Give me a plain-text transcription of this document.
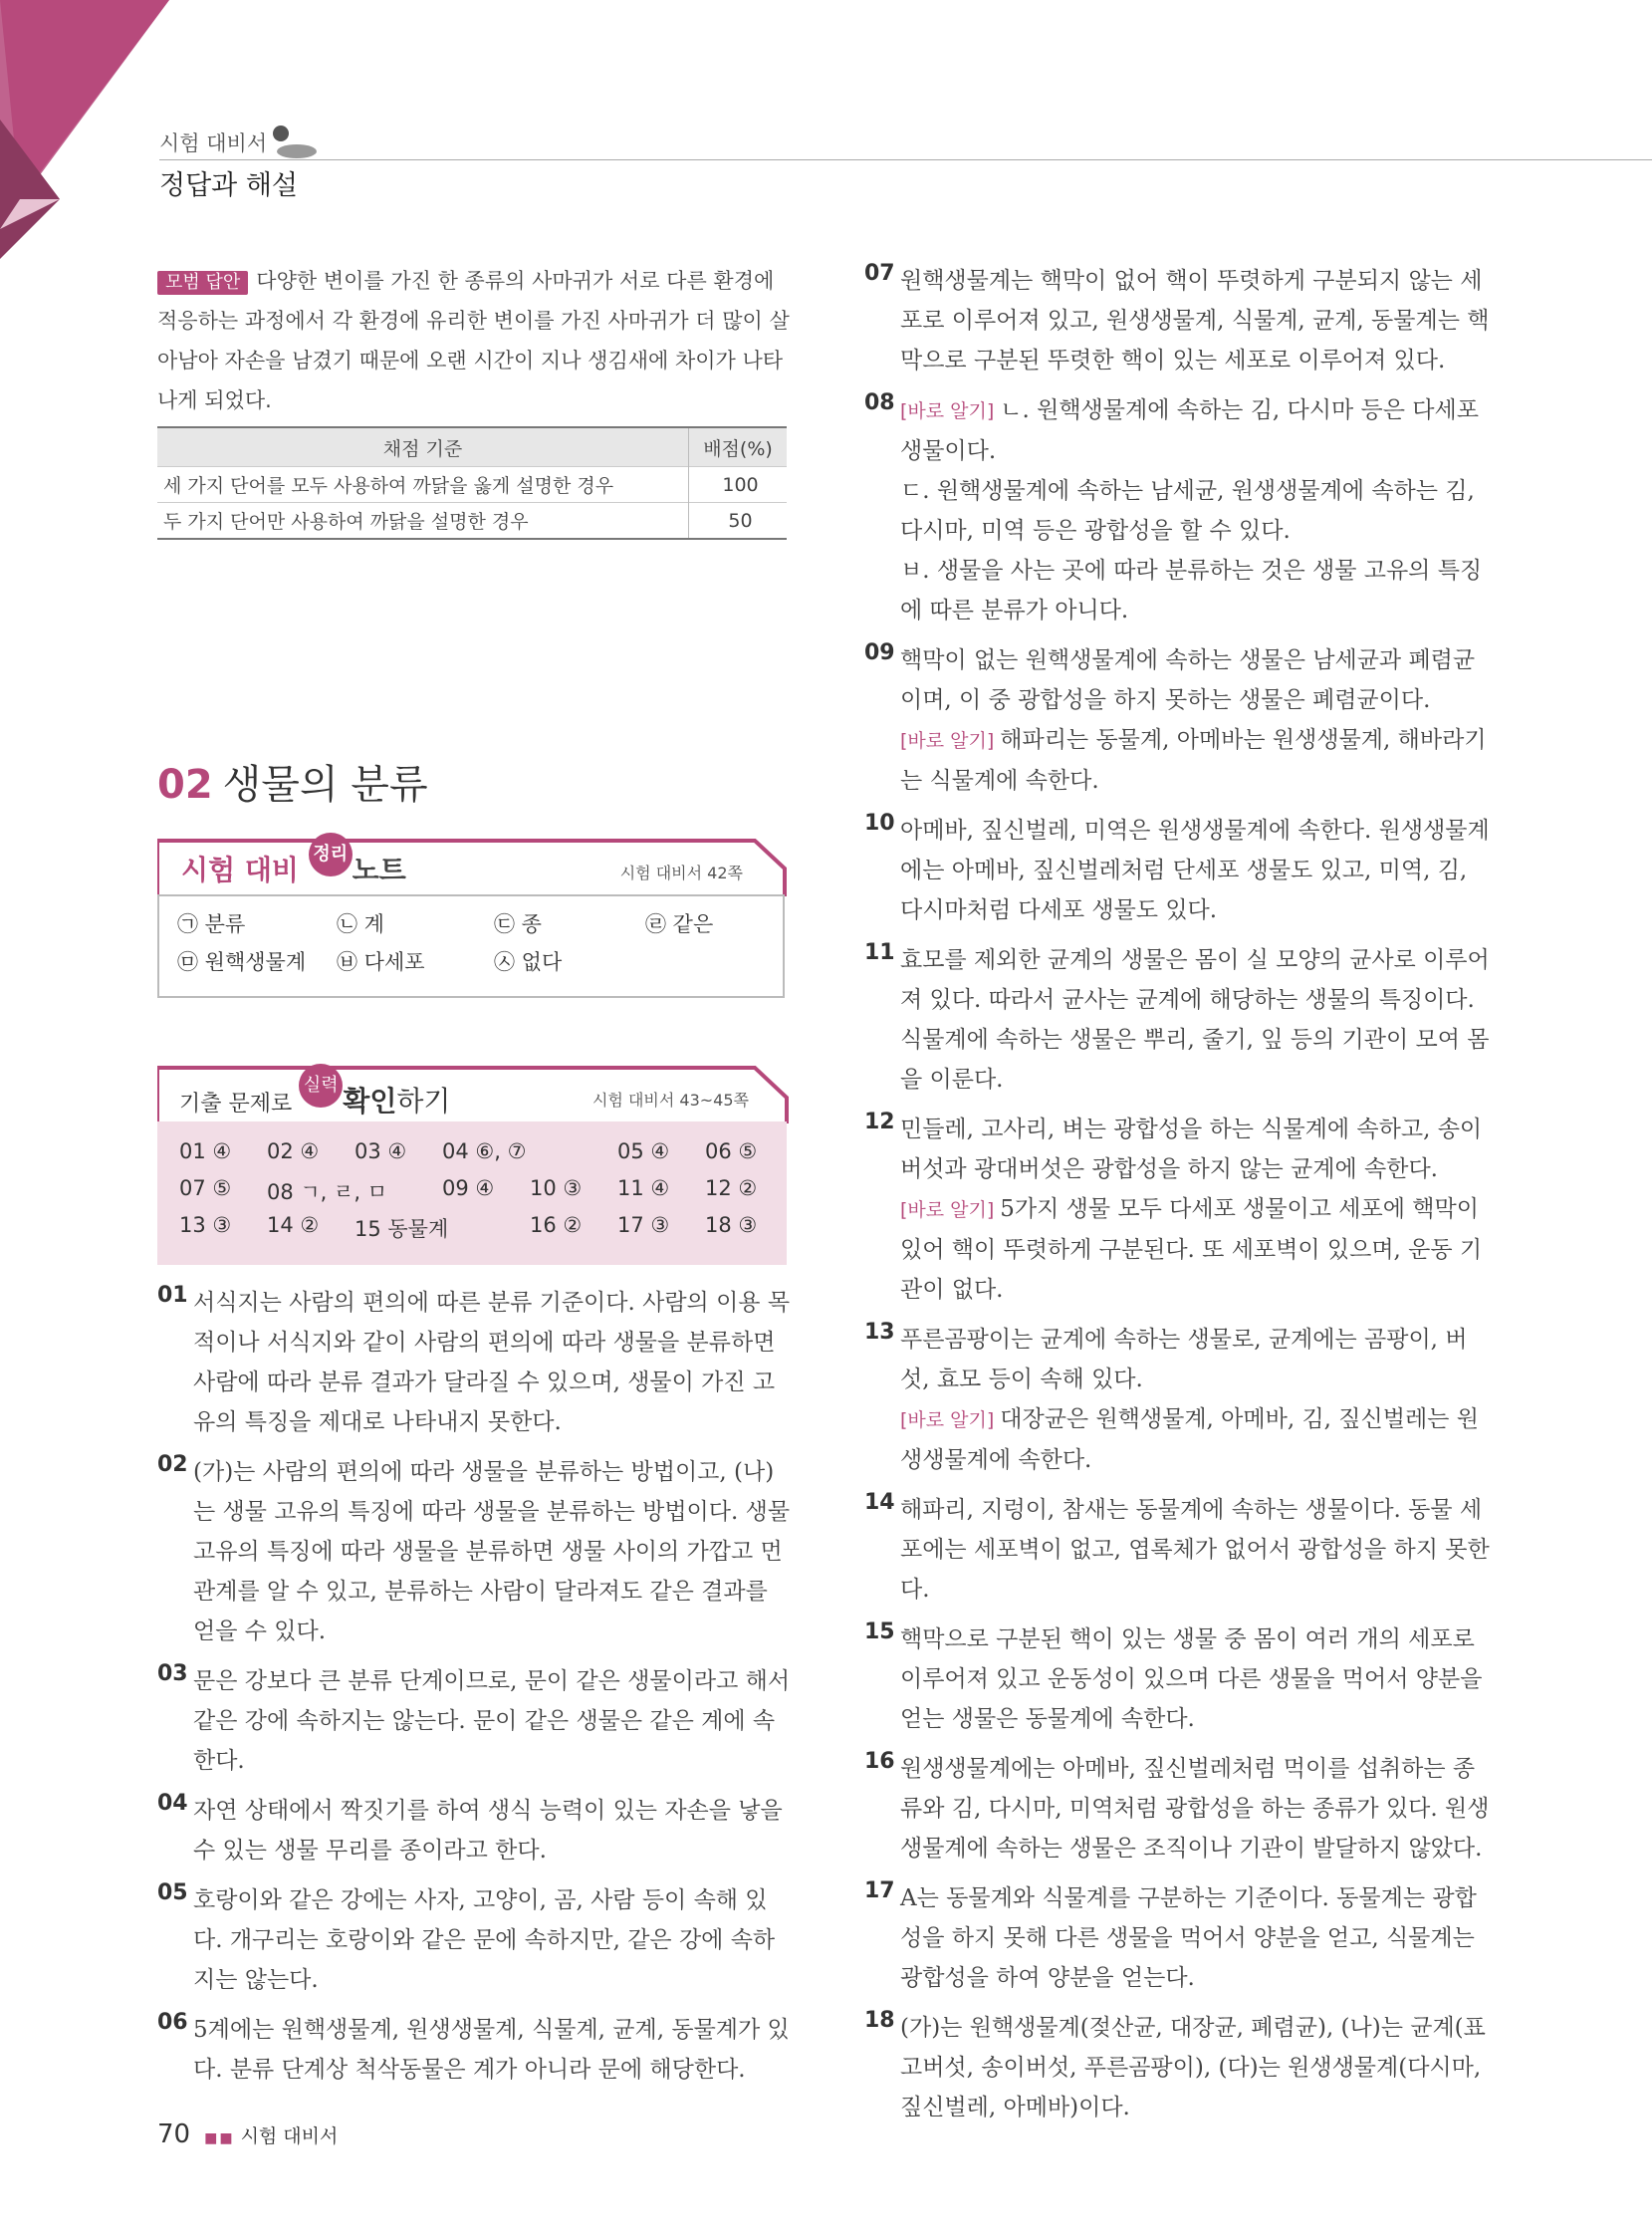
시험 대비서
정답과 해설

모범 답안 다양한 변이를 가진 한 종류의 사마귀가 서로 다른 환경에 적응하는 과정에서 각 환경에 유리한 변이를 가진 사마귀가 더 많이 살아남아 자손을 남겼기 때문에 오랜 시간이 지나 생김새에 차이가 나타나게 되었다.

채점 기준	배점(%)
세 가지 단어를 모두 사용하여 까닭을 옳게 설명한 경우	100
두 가지 단어만 사용하여 까닭을 설명한 경우	50
02 생물의 분류
시험 대비 정리 노트	시험 대비서 42쪽
㉠ 분류	㉡ 계	㉢ 종	㉣ 같은
㉤ 원핵생물계 ㉥ 다세포	㉦ 없다
기출 문제로 실력 확인하기	시험 대비서 43~45쪽
01 ④ 02 ④ 03 ④ 04 ⑥, ⑦	05 ④ 06 ⑤
07 ⑤ 08 ㄱ, ㄹ, ㅁ	09 ④ 10 ③ 11 ④ 12 ②
13 ③ 14 ② 15 동물계	16 ② 17 ③ 18 ③
01 서식지는 사람의 편의에 따른 분류 기준이다. 사람의 이용 목적이나 서식지와 같이 사람의 편의에 따라 생물을 분류하면 사람에 따라 분류 결과가 달라질 수 있으며, 생물이 가진 고유의 특징을 제대로 나타내지 못한다.

02 (가)는 사람의 편의에 따라 생물을 분류하는 방법이고, (나)는 생물 고유의 특징에 따라 생물을 분류하는 방법이다. 생물 고유의 특징에 따라 생물을 분류하면 생물 사이의 가깝고 먼 관계를 알 수 있고, 분류하는 사람이 달라져도 같은 결과를 얻을 수 있다.

03 문은 강보다 큰 분류 단계이므로, 문이 같은 생물이라고 해서 같은 강에 속하지는 않는다. 문이 같은 생물은 같은 계에 속한다.

04 자연 상태에서 짝짓기를 하여 생식 능력이 있는 자손을 낳을 수 있는 생물 무리를 종이라고 한다.

05 호랑이와 같은 강에는 사자, 고양이, 곰, 사람 등이 속해 있다. 개구리는 호랑이와 같은 문에 속하지만, 같은 강에 속하지는 않는다.

06 5계에는 원핵생물계, 원생생물계, 식물계, 균계, 동물계가 있다. 분류 단계상 척삭동물은 계가 아니라 문에 해당한다.

07 원핵생물계는 핵막이 없어 핵이 뚜렷하게 구분되지 않는 세포로 이루어져 있고, 원생생물계, 식물계, 균계, 동물계는 핵막으로 구분된 뚜렷한 핵이 있는 세포로 이루어져 있다.

08 [바로 알기] ㄴ. 원핵생물계에 속하는 김, 다시마 등은 다세포 생물이다.

ㄷ. 원핵생물계에 속하는 남세균, 원생생물계에 속하는 김, 다시마, 미역 등은 광합성을 할 수 있다.

ㅂ. 생물을 사는 곳에 따라 분류하는 것은 생물 고유의 특징에 따른 분류가 아니다.

09 핵막이 없는 원핵생물계에 속하는 생물은 남세균과 폐렴균이며, 이 중 광합성을 하지 못하는 생물은 폐렴균이다.

[바로 알기] 해파리는 동물계, 아메바는 원생생물계, 해바라기는 식물계에 속한다.

10 아메바, 짚신벌레, 미역은 원생생물계에 속한다. 원생생물계에는 아메바, 짚신벌레처럼 단세포 생물도 있고, 미역, 김, 다시마처럼 다세포 생물도 있다.

11 효모를 제외한 균계의 생물은 몸이 실 모양의 균사로 이루어져 있다. 따라서 균사는 균계에 해당하는 생물의 특징이다. 식물계에 속하는 생물은 뿌리, 줄기, 잎 등의 기관이 모여 몸을 이룬다.

12 민들레, 고사리, 벼는 광합성을 하는 식물계에 속하고, 송이버섯과 광대버섯은 광합성을 하지 않는 균계에 속한다.

[바로 알기] 5가지 생물 모두 다세포 생물이고 세포에 핵막이 있어 핵이 뚜렷하게 구분된다. 또 세포벽이 있으며, 운동 기관이 없다.

13 푸른곰팡이는 균계에 속하는 생물로, 균계에는 곰팡이, 버섯, 효모 등이 속해 있다.

[바로 알기] 대장균은 원핵생물계, 아메바, 김, 짚신벌레는 원생생물계에 속한다.

14 해파리, 지렁이, 참새는 동물계에 속하는 생물이다. 동물 세포에는 세포벽이 없고, 엽록체가 없어서 광합성을 하지 못한다.

15 핵막으로 구분된 핵이 있는 생물 중 몸이 여러 개의 세포로 이루어져 있고 운동성이 있으며 다른 생물을 먹어서 양분을 얻는 생물은 동물계에 속한다.

16 원생생물계에는 아메바, 짚신벌레처럼 먹이를 섭취하는 종류와 김, 다시마, 미역처럼 광합성을 하는 종류가 있다. 원생생물계에 속하는 생물은 조직이나 기관이 발달하지 않았다.

17 A는 동물계와 식물계를 구분하는 기준이다. 동물계는 광합성을 하지 못해 다른 생물을 먹어서 양분을 얻고, 식물계는 광합성을 하여 양분을 얻는다.

18 (가)는 원핵생물계(젖산균, 대장균, 폐렴균), (나)는 균계(표고버섯, 송이버섯, 푸른곰팡이), (다)는 원생생물계(다시마, 짚신벌레, 아메바)이다.

70 ■■ 시험 대비서
